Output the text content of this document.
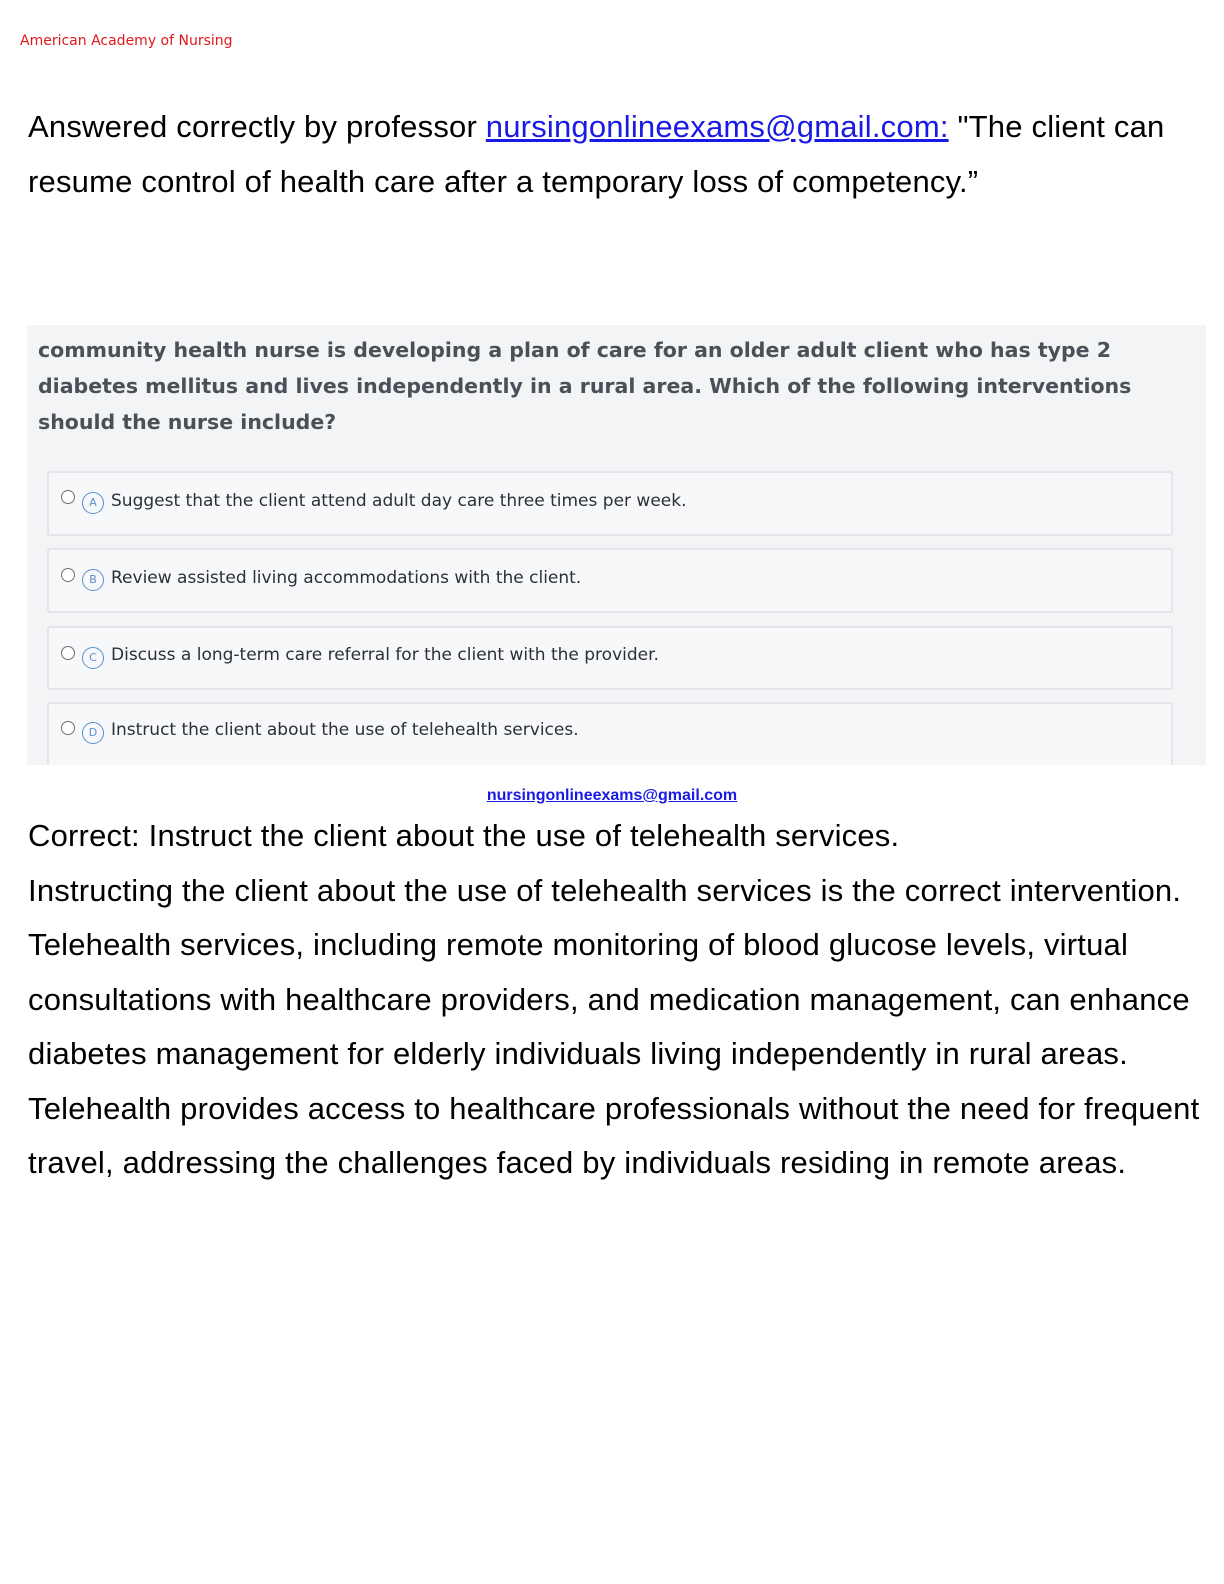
American Academy of Nursing
Answered correctly by professor nursingonlineexams@gmail.com: "The client can resume control of health care after a temporary loss of competency.”
community health nurse is developing a plan of care for an older adult client who has type 2 diabetes mellitus and lives independently in a rural area. Which of the following interventions should the nurse include?
A Suggest that the client attend adult day care three times per week.
B Review assisted living accommodations with the client.
C Discuss a long-term care referral for the client with the provider.
D Instruct the client about the use of telehealth services.
nursingonlineexams@gmail.com

Correct: Instruct the client about the use of telehealth services.

Instructing the client about the use of telehealth services is the correct intervention. Telehealth services, including remote monitoring of blood glucose levels, virtual consultations with healthcare providers, and medication management, can enhance diabetes management for elderly individuals living independently in rural areas. Telehealth provides access to healthcare professionals without the need for frequent travel, addressing the challenges faced by individuals residing in remote areas.
